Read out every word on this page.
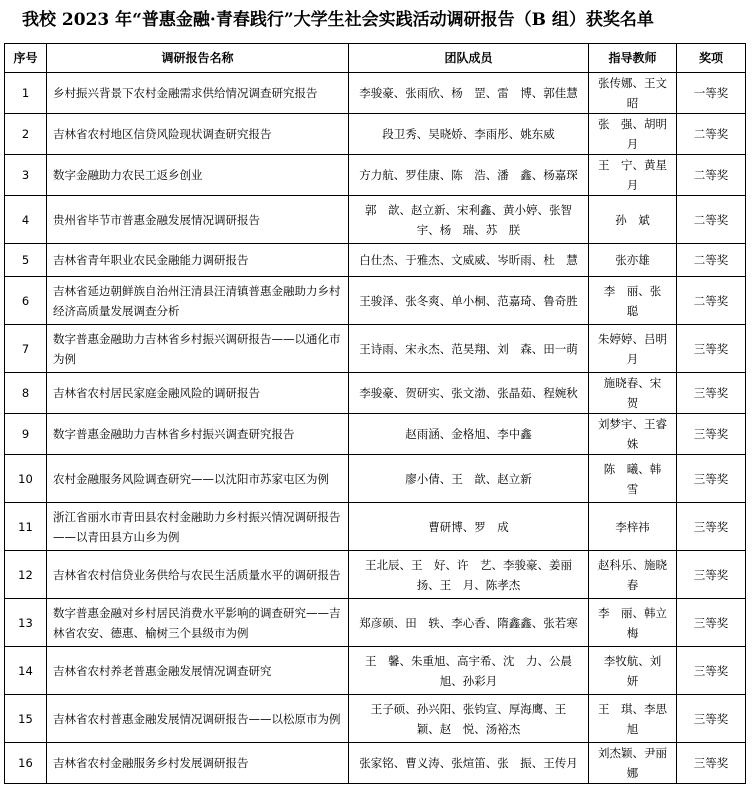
我校 2023 年“普惠金融·青春践行”大学生社会实践活动调研报告（B 组）获奖名单
序号	调研报告名称	团队成员	指导教师	奖项
1	乡村振兴背景下农村金融需求供给情况调查研究报告	李骏豪、张雨欣、杨　罡、雷　博、郭佳慧	张传娜、王文昭	一等奖
2	吉林省农村地区信贷风险现状调查研究报告	段卫秀、吴晓娇、李雨彤、姚东威	张　强、胡明月	二等奖
3	数字金融助力农民工返乡创业	方力航、罗佳康、陈　浩、潘　鑫、杨嘉琛	王　宁、黄星月	二等奖
4	贵州省毕节市普惠金融发展情况调研报告	郭　歆、赵立新、宋利鑫、黄小婷、张智宇、杨　瑞、苏　朕	孙　斌	二等奖
5	吉林省青年职业农民金融能力调研报告	白仕杰、于雅杰、文威威、岑昕雨、杜　慧	张亦雄	二等奖
6	吉林省延边朝鲜族自治州汪清县汪清镇普惠金融助力乡村经济高质量发展调查分析	王骏泽、张冬爽、单小桐、范嘉琦、鲁奇胜	李　丽、张　聪	二等奖
7	数字普惠金融助力吉林省乡村振兴调研报告——以通化市为例	王诗雨、宋永杰、范昊翔、刘　森、田一萌	朱婷婷、吕明月	三等奖
8	吉林省农村居民家庭金融风险的调研报告	李骏豪、贺研实、张文渤、张晶茹、程婉秋	施晓春、宋　贺	三等奖
9	数字普惠金融助力吉林省乡村振兴调查研究报告	赵雨涵、金格旭、李中鑫	刘梦宇、王睿姝	三等奖
10	农村金融服务风险调查研究——以沈阳市苏家屯区为例	廖小倩、王　歆、赵立新	陈　曦、韩　雪	三等奖
11	浙江省丽水市青田县农村金融助力乡村振兴情况调研报告——以青田县方山乡为例	曹研博、罗　成	李梓祎	三等奖
12	吉林省农村信贷业务供给与农民生活质量水平的调研报告	王北辰、王　好、许　艺、李骏豪、姜丽扬、王　月、陈孝杰	赵科乐、施晓春	三等奖
13	数字普惠金融对乡村居民消费水平影响的调查研究——吉林省农安、德惠、榆树三个县级市为例	郑彦硕、田　轶、李心香、隋鑫鑫、张若寒	李　丽、韩立梅	三等奖
14	吉林省农村养老普惠金融发展情况调查研究	王　馨、朱重旭、高宇希、沈　力、公晨旭、孙彩月	李牧航、刘　妍	三等奖
15	吉林省农村普惠金融发展情况调研报告——以松原市为例	王子硕、孙兴阳、张钧宣、厚海鹰、王　颖、赵　悦、汤裕杰	王　琪、李思旭	三等奖
16	吉林省农村金融服务乡村发展调研报告	张家铭、曹义涛、张煊笛、张　振、王传月	刘杰颖、尹丽娜	三等奖
